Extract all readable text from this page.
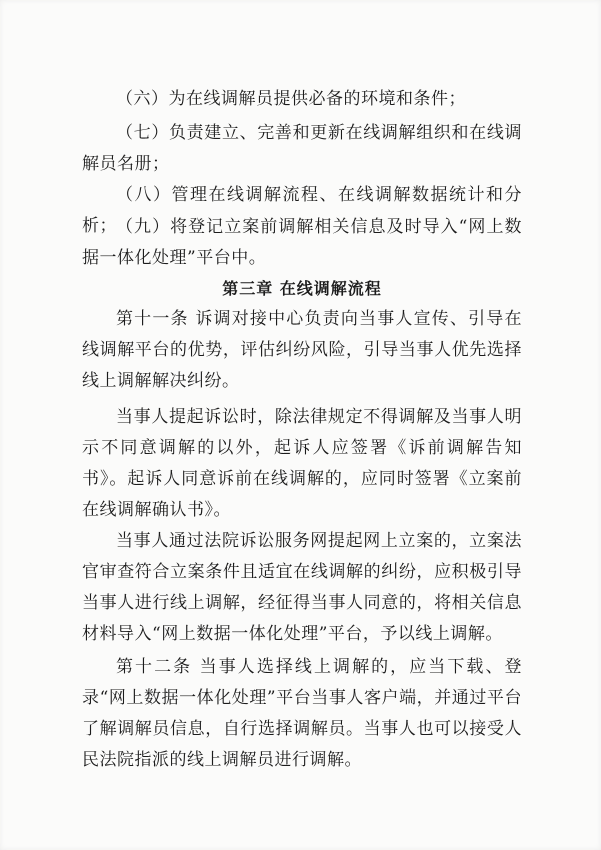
（六）为在线调解员提供必备的环境和条件；

（七）负责建立、完善和更新在线调解组织和在线调解员名册；

（八）管理在线调解流程、在线调解数据统计和分析； （九）将登记立案前调解相关信息及时导入“网上数据一体化处理”平台中。

第三章 在线调解流程

第十一条 诉调对接中心负责向当事人宣传、引导在线调解平台的优势，评估纠纷风险，引导当事人优先选择线上调解解决纠纷。

当事人提起诉讼时，除法律规定不得调解及当事人明示不同意调解的以外，起诉人应签署《诉前调解告知书》。起诉人同意诉前在线调解的，应同时签署《立案前在线调解确认书》。

当事人通过法院诉讼服务网提起网上立案的，立案法官审查符合立案条件且适宜在线调解的纠纷，应积极引导当事人进行线上调解，经征得当事人同意的，将相关信息材料导入“网上数据一体化处理”平台，予以线上调解。

第十二条 当事人选择线上调解的，应当下载、登录“网上数据一体化处理”平台当事人客户端，并通过平台了解调解员信息，自行选择调解员。当事人也可以接受人民法院指派的线上调解员进行调解。
